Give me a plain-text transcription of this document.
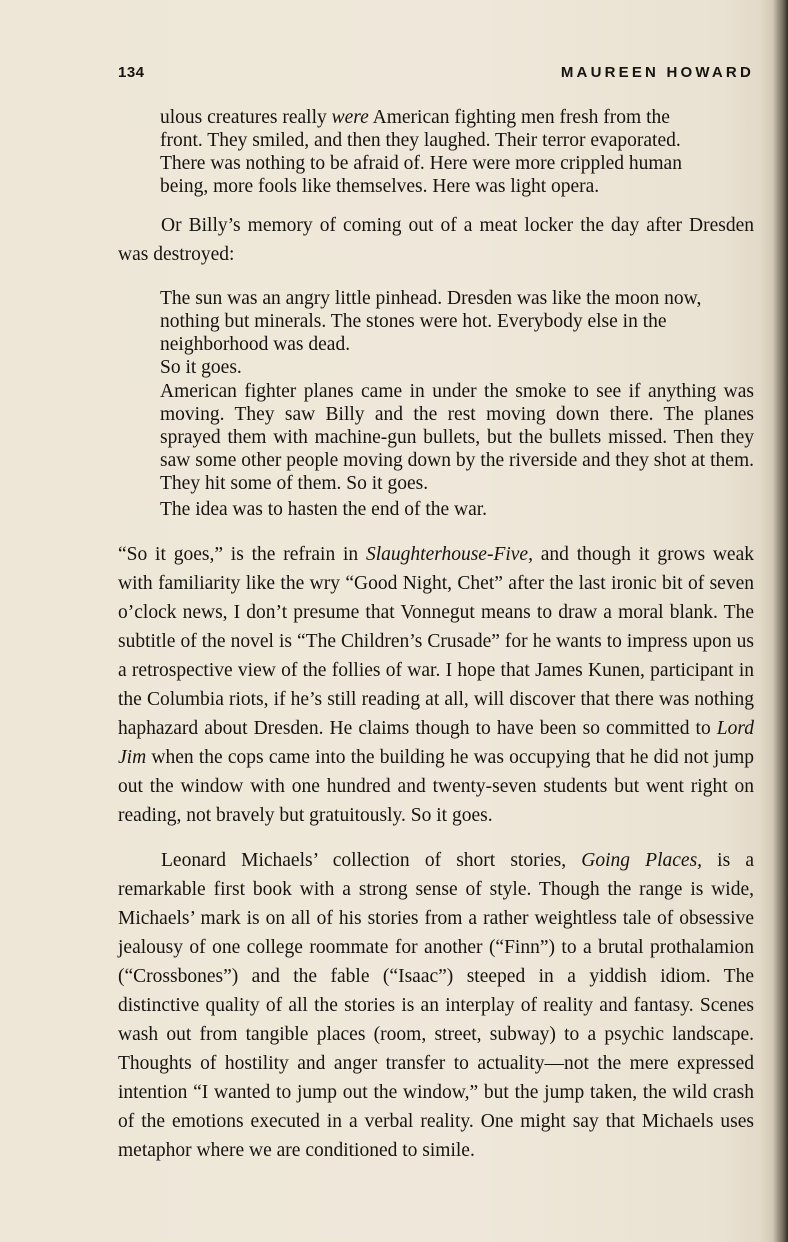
134	MAUREEN HOWARD
ulous creatures really were American fighting men fresh from the
front. They smiled, and then they laughed. Their terror evaporated.
There was nothing to be afraid of. Here were more crippled human
being, more fools like themselves. Here was light opera.

Or Billy’s memory of coming out of a meat locker the day after Dresden was destroyed:

The sun was an angry little pinhead. Dresden was like the moon now,
nothing but minerals. The stones were hot. Everybody else in the
neighborhood was dead.
So it goes.

American fighter planes came in under the smoke to see if anything was moving. They saw Billy and the rest moving down there. The planes sprayed them with machine-gun bullets, but the bullets missed. Then they saw some other people moving down by the riverside and they shot at them. They hit some of them. So it goes.

The idea was to hasten the end of the war.

“So it goes,” is the refrain in Slaughterhouse-Five, and though it grows weak with familiarity like the wry “Good Night, Chet” after the last ironic bit of seven o’clock news, I don’t presume that Vonnegut means to draw a moral blank. The subtitle of the novel is “The Children’s Crusade” for he wants to impress upon us a retrospective view of the follies of war. I hope that James Kunen, participant in the Columbia riots, if he’s still reading at all, will discover that there was nothing haphazard about Dresden. He claims though to have been so committed to Lord Jim when the cops came into the building he was occupying that he did not jump out the window with one hundred and twenty-seven students but went right on reading, not bravely but gratuitously. So it goes.

Leonard Michaels’ collection of short stories, Going Places, is a remarkable first book with a strong sense of style. Though the range is wide, Michaels’ mark is on all of his stories from a rather weightless tale of obsessive jealousy of one college roommate for another (“Finn”) to a brutal prothalamion (“Crossbones”) and the fable (“Isaac”) steeped in a yiddish idiom. The distinctive quality of all the stories is an interplay of reality and fantasy. Scenes wash out from tangible places (room, street, subway) to a psychic landscape. Thoughts of hostility and anger transfer to actuality—not the mere expressed intention “I wanted to jump out the window,” but the jump taken, the wild crash of the emotions executed in a verbal reality. One might say that Michaels uses metaphor where we are conditioned to simile.
